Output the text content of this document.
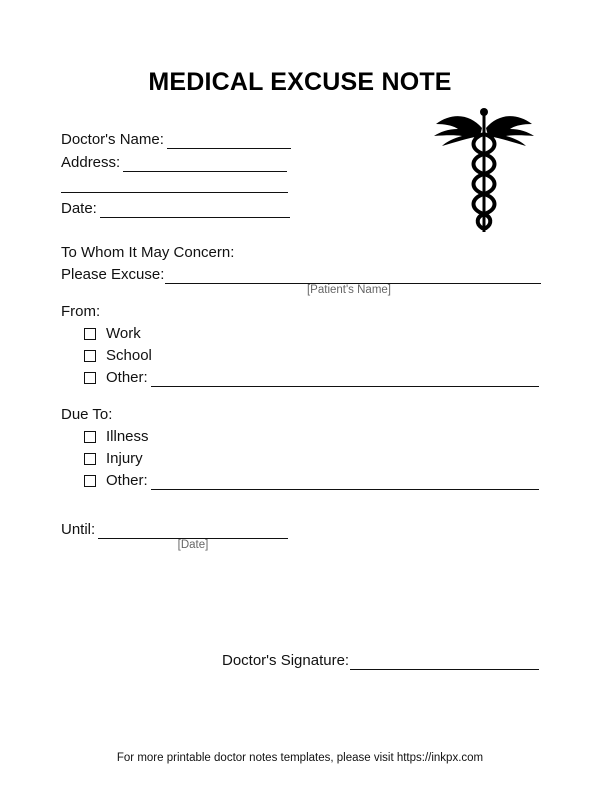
MEDICAL EXCUSE NOTE
Doctor's Name:
Address:
Date:
To Whom It May Concern:
Please Excuse:
[Patient's Name]
From:
Work
School
Other:
Due To:
Illness
Injury
Other:
Until:
[Date]
Doctor's Signature:
For more printable doctor notes templates, please visit https://inkpx.com
